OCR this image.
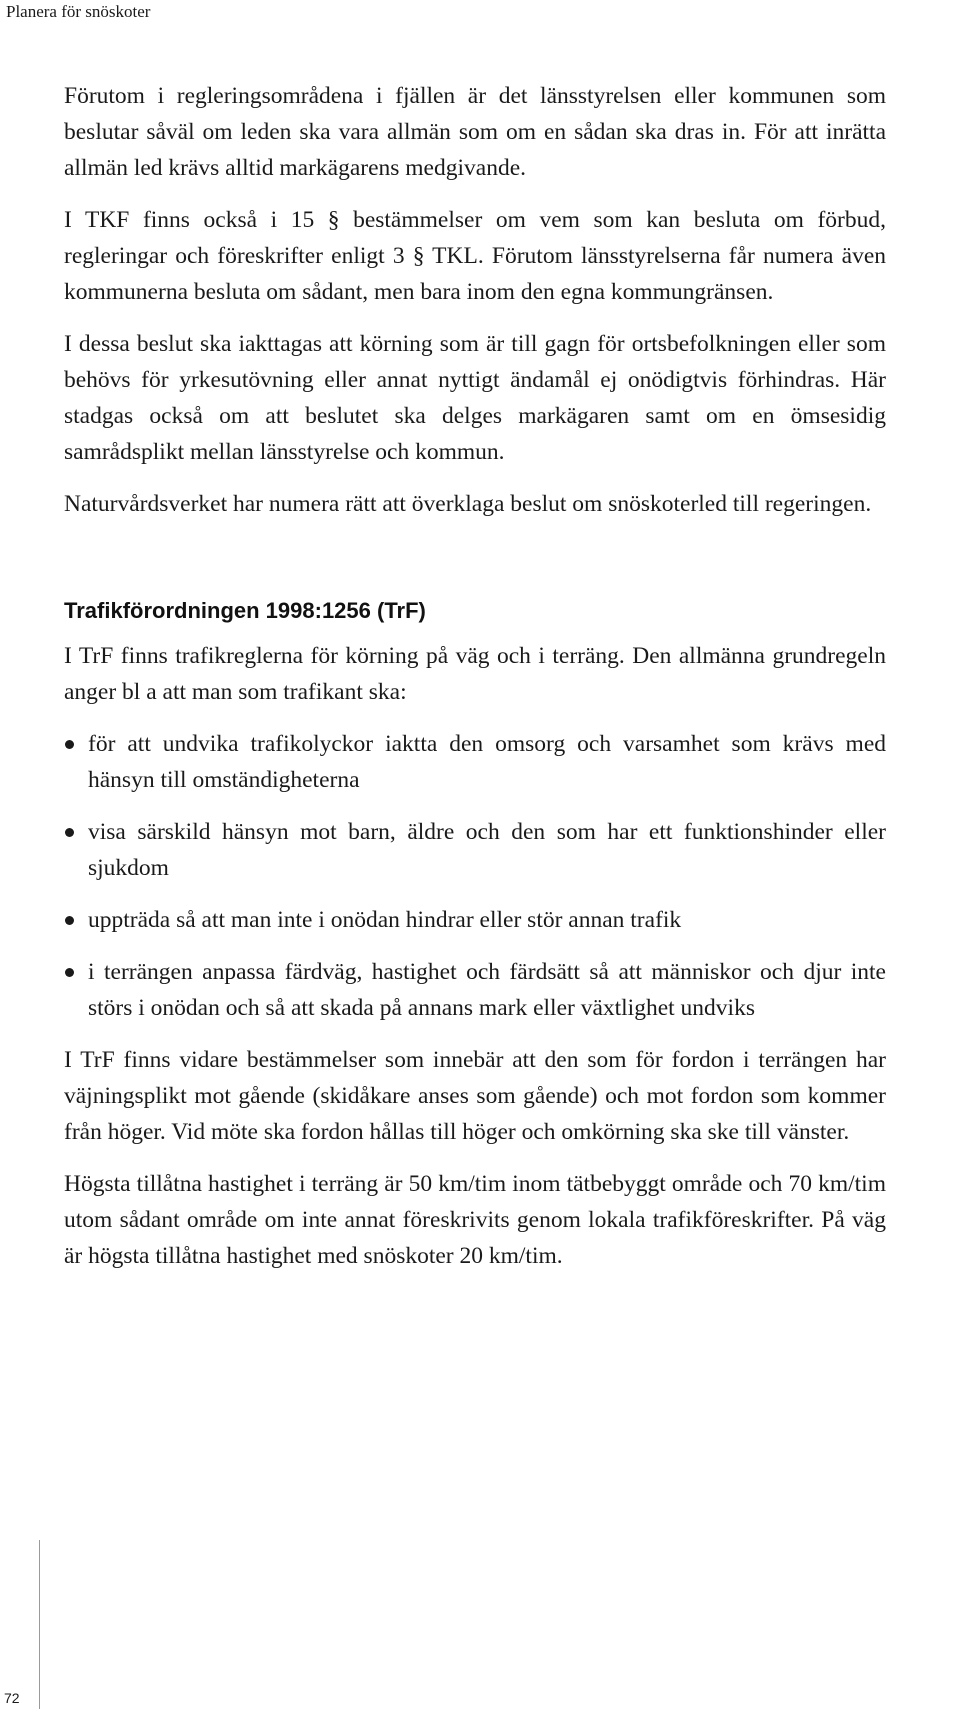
Planera för snöskoter

Förutom i regleringsområdena i fjällen är det länsstyrelsen eller kommunen som beslutar såväl om leden ska vara allmän som om en sådan ska dras in. För att inrätta allmän led krävs alltid markägarens medgivande.

I TKF finns också i 15 § bestämmelser om vem som kan besluta om förbud, regleringar och föreskrifter enligt 3 § TKL. Förutom länsstyrelserna får numera även kommunerna besluta om sådant, men bara inom den egna kommungränsen.

I dessa beslut ska iakttagas att körning som är till gagn för ortsbefolkningen eller som behövs för yrkesutövning eller annat nyttigt ändamål ej onödigtvis förhindras. Här stadgas också om att beslutet ska delges markägaren samt om en ömsesidig samrådsplikt mellan länsstyrelse och kommun.

Naturvårdsverket har numera rätt att överklaga beslut om snöskoterled till regeringen.

Trafikförordningen 1998:1256 (TrF)

I TrF finns trafikreglerna för körning på väg och i terräng. Den allmänna grundregeln anger bl a att man som trafikant ska:

för att undvika trafikolyckor iaktta den omsorg och varsamhet som krävs med hänsyn till omständigheterna
visa särskild hänsyn mot barn, äldre och den som har ett funktionshinder eller sjukdom
uppträda så att man inte i onödan hindrar eller stör annan trafik
i terrängen anpassa färdväg, hastighet och färdsätt så att människor och djur inte störs i onödan och så att skada på annans mark eller växtlighet undviks

I TrF finns vidare bestämmelser som innebär att den som för fordon i terrängen har väjningsplikt mot gående (skidåkare anses som gående) och mot fordon som kommer från höger. Vid möte ska fordon hållas till höger och omkörning ska ske till vänster.

Högsta tillåtna hastighet i terräng är 50 km/tim inom tätbebyggt område och 70 km/tim utom sådant område om inte annat föreskrivits genom lokala trafikföreskrifter. På väg är högsta tillåtna hastighet med snöskoter 20 km/tim.

72
